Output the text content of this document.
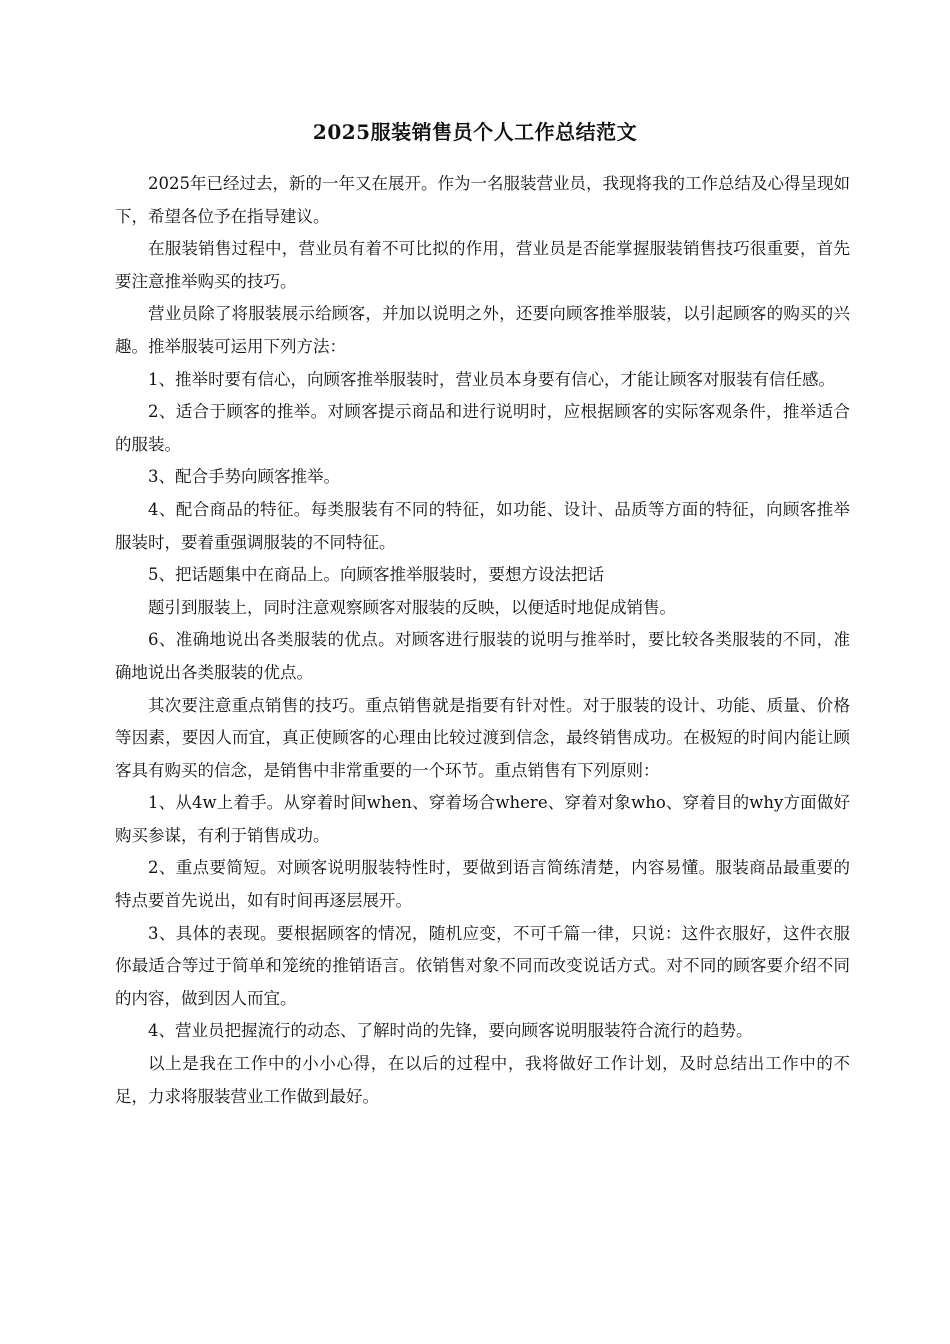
2025服装销售员个人工作总结范文

2025年已经过去，新的一年又在展开。作为一名服装营业员，我现将我的工作总结及心得呈现如下，希望各位予在指导建议。

在服装销售过程中，营业员有着不可比拟的作用，营业员是否能掌握服装销售技巧很重要，首先要注意推举购买的技巧。

营业员除了将服装展示给顾客，并加以说明之外，还要向顾客推举服装，以引起顾客的购买的兴趣。推举服装可运用下列方法：

1、推举时要有信心，向顾客推举服装时，营业员本身要有信心，才能让顾客对服装有信任感。

2、适合于顾客的推举。对顾客提示商品和进行说明时，应根据顾客的实际客观条件，推举适合的服装。

3、配合手势向顾客推举。

4、配合商品的特征。每类服装有不同的特征，如功能、设计、品质等方面的特征，向顾客推举服装时，要着重强调服装的不同特征。

5、把话题集中在商品上。向顾客推举服装时，要想方设法把话

题引到服装上，同时注意观察顾客对服装的反映，以便适时地促成销售。

6、准确地说出各类服装的优点。对顾客进行服装的说明与推举时，要比较各类服装的不同，准确地说出各类服装的优点。

其次要注意重点销售的技巧。重点销售就是指要有针对性。对于服装的设计、功能、质量、价格等因素，要因人而宜，真正使顾客的心理由比较过渡到信念，最终销售成功。在极短的时间内能让顾客具有购买的信念，是销售中非常重要的一个环节。重点销售有下列原则：

1、从4w上着手。从穿着时间when、穿着场合where、穿着对象who、穿着目的why方面做好购买参谋，有利于销售成功。

2、重点要简短。对顾客说明服装特性时，要做到语言简练清楚，内容易懂。服装商品最重要的特点要首先说出，如有时间再逐层展开。

3、具体的表现。要根据顾客的情况，随机应变，不可千篇一律，只说：这件衣服好，这件衣服你最适合等过于简单和笼统的推销语言。依销售对象不同而改变说话方式。对不同的顾客要介绍不同的内容，做到因人而宜。

4、营业员把握流行的动态、了解时尚的先锋，要向顾客说明服装符合流行的趋势。

以上是我在工作中的小小心得，在以后的过程中，我将做好工作计划，及时总结出工作中的不足，力求将服装营业工作做到最好。
